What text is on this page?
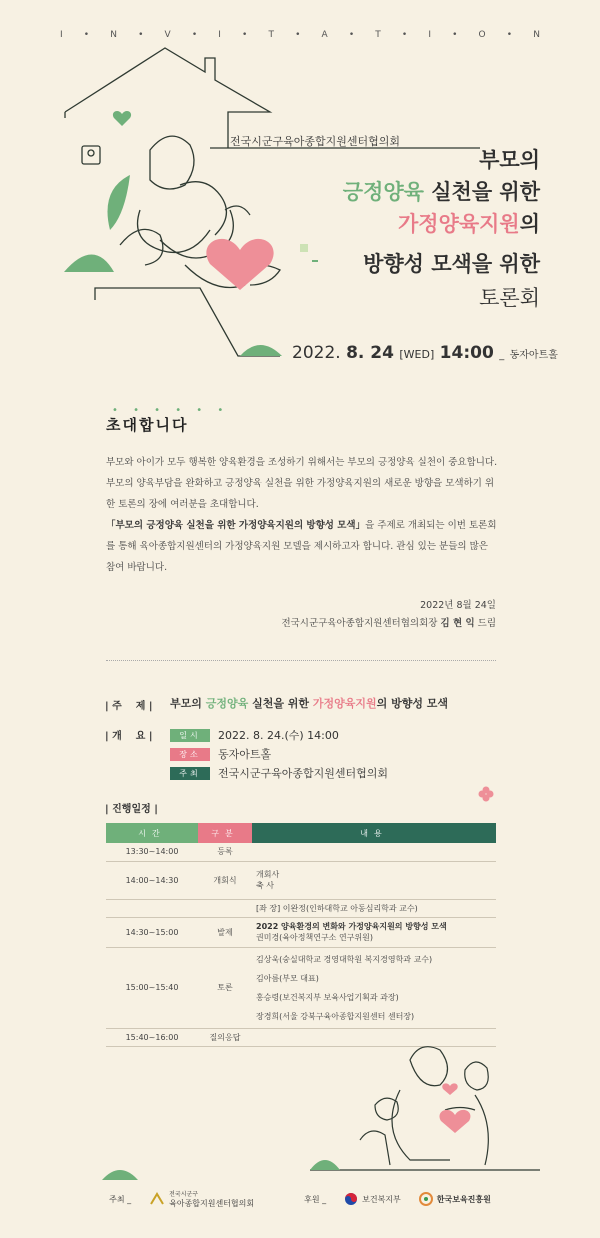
I • N • V • I • T • A • T • I • O • N
전국시군구육아종합지원센터협의회
부모의
긍정양육 실천을 위한
가정양육지원의
방향성 모색을 위한
토론회
2022. 8. 24 [WED] 14:00 _ 동자아트홀
• • • • • •
초대합니다

부모와 아이가 모두 행복한 양육환경을 조성하기 위해서는 부모의 긍정양육 실천이 중요합니다. 부모의 양육부담을 완화하고 긍정양육 실천을 위한 가정양육지원의 새로운 방향을 모색하기 위한 토론의 장에 여러분을 초대합니다.

「부모의 긍정양육 실천을 위한 가정양육지원의 방향성 모색」을 주제로 개최되는 이번 토론회를 통해 육아종합지원센터의 가정양육지원 모델을 제시하고자 합니다. 관심 있는 분들의 많은 참여 바랍니다.

2022년 8월 24일
전국시군구육아종합지원센터협의회장 김 현 익 드림
| 주    제 | 부모의 긍정양육 실천을 위한 가정양육지원의 방향성 모색
| 개    요 |	일시	2022. 8. 24.(수) 14:00
장소	동자아트홀
주최	전국시군구육아종합지원센터협의회
| 진행일정 |
시간	구분	내용
13:30~14:00	등록	
14:00~14:30	개회식	개회사
축 사

		[좌 장] 이완정(인하대학교 아동심리학과 교수)
14:30~15:00	발제	2022 양육환경의 변화와 가정양육지원의 방향성 모색
권미경(육아정책연구소 연구위원)

15:00~15:40	토론	김상욱(숭실대학교 경영대학원 복지경영학과 교수)
김아름(부모 대표)
홍승령(보건복지부 보육사업기획과 과장)
장경희(서울 강북구육아종합지원센터 센터장)

15:40~16:00	질의응답	
주최 _	전국시군구
육아종합지원센터협의회	후원 _	보건복지부	한국보육진흥원
